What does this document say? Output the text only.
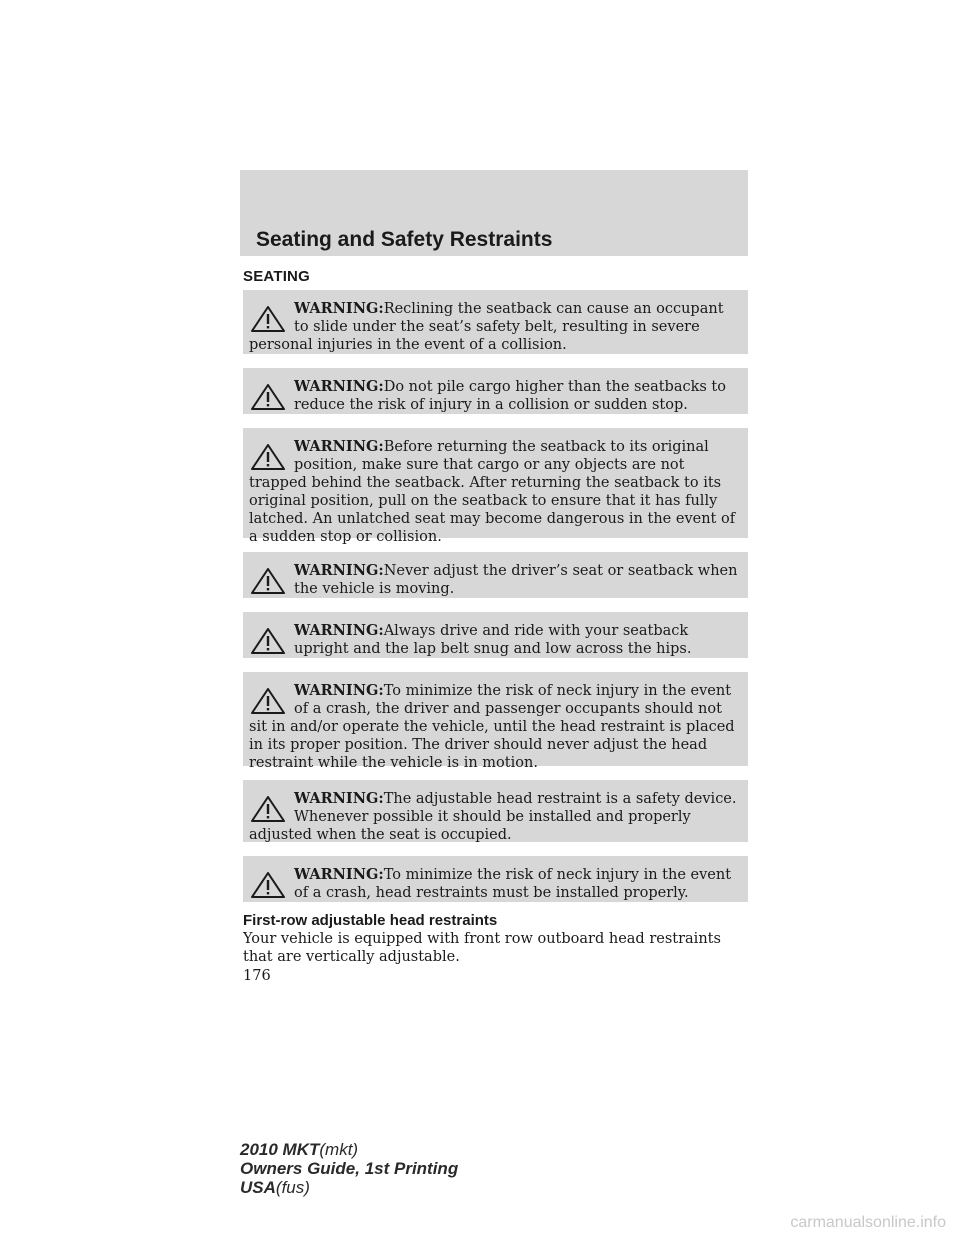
Seating and Safety Restraints
SEATING
WARNING:Reclining the seatback can cause an occupant to slide under the seat’s safety belt, resulting in severe personal injuries in the event of a collision.
WARNING:Do not pile cargo higher than the seatbacks to reduce the risk of injury in a collision or sudden stop.
WARNING:Before returning the seatback to its original position, make sure that cargo or any objects are not trapped behind the seatback. After returning the seatback to its original position, pull on the seatback to ensure that it has fully latched. An unlatched seat may become dangerous in the event of a sudden stop or collision.
WARNING:Never adjust the driver’s seat or seatback when the vehicle is moving.
WARNING:Always drive and ride with your seatback upright and the lap belt snug and low across the hips.
WARNING:To minimize the risk of neck injury in the event of a crash, the driver and passenger occupants should not sit in and/or operate the vehicle, until the head restraint is placed in its proper position. The driver should never adjust the head restraint while the vehicle is in motion.
WARNING:The adjustable head restraint is a safety device. Whenever possible it should be installed and properly adjusted when the seat is occupied.
WARNING:To minimize the risk of neck injury in the event of a crash, head restraints must be installed properly.
First-row adjustable head restraints
Your vehicle is equipped with front row outboard head restraints that are vertically adjustable.
176
2010 MKT(mkt)
Owners Guide, 1st Printing
USA(fus)
carmanualsonline.info
